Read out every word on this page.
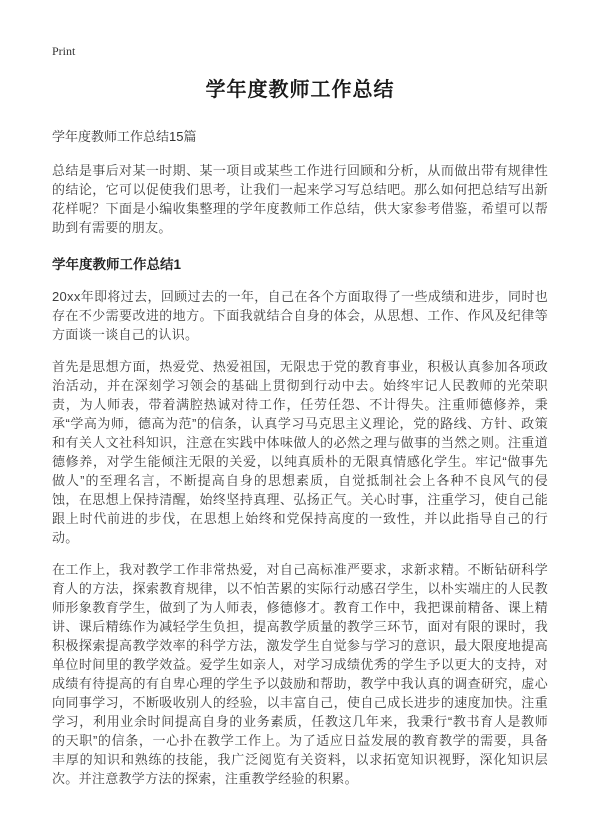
Print
学年度教师工作总结
学年度教师工作总结15篇

总结是事后对某一时期、某一项目或某些工作进行回顾和分析，从而做出带有规律性的结论，它可以促使我们思考，让我们一起来学习写总结吧。那么如何把总结写出新花样呢？下面是小编收集整理的学年度教师工作总结，供大家参考借鉴，希望可以帮助到有需要的朋友。

学年度教师工作总结1

20xx年即将过去，回顾过去的一年，自己在各个方面取得了一些成绩和进步，同时也存在不少需要改进的地方。下面我就结合自身的体会，从思想、工作、作风及纪律等方面谈一谈自己的认识。

首先是思想方面，热爱党、热爱祖国，无限忠于党的教育事业，积极认真参加各项政治活动，并在深刻学习领会的基础上贯彻到行动中去。始终牢记人民教师的光荣职责，为人师表，带着满腔热诚对待工作，任劳任怨、不计得失。注重师德修养，秉承“学高为师，德高为范”的信条，认真学习马克思主义理论，党的路线、方针、政策和有关人文社科知识，注意在实践中体味做人的必然之理与做事的当然之则。注重道德修养，对学生能倾注无限的关爱，以纯真质朴的无限真情感化学生。牢记“做事先做人”的至理名言，不断提高自身的思想素质，自觉抵制社会上各种不良风气的侵蚀，在思想上保持清醒，始终坚持真理、弘扬正气。关心时事，注重学习，使自己能跟上时代前进的步伐，在思想上始终和党保持高度的一致性，并以此指导自己的行动。

在工作上，我对教学工作非常热爱，对自己高标准严要求，求新求精。不断钻研科学育人的方法，探索教育规律，以不怕苦累的实际行动感召学生，以朴实端庄的人民教师形象教育学生，做到了为人师表，修德修才。教育工作中，我把课前精备、课上精讲、课后精练作为减轻学生负担，提高教学质量的教学三环节，面对有限的课时，我积极探索提高教学效率的科学方法，激发学生自觉参与学习的意识，最大限度地提高单位时间里的教学效益。爱学生如亲人，对学习成绩优秀的学生予以更大的支持，对成绩有待提高的有自卑心理的学生予以鼓励和帮助，教学中我认真的调查研究，虚心向同事学习，不断吸收别人的经验，以丰富自己，使自己成长进步的速度加快。注重学习，利用业余时间提高自身的业务素质，任教这几年来，我秉行“教书育人是教师的天职”的信条，一心扑在教学工作上。为了适应日益发展的教育教学的需要，具备丰厚的知识和熟练的技能，我广泛阅览有关资料，以求拓宽知识视野，深化知识层次。并注意教学方法的探索，注重教学经验的积累。
